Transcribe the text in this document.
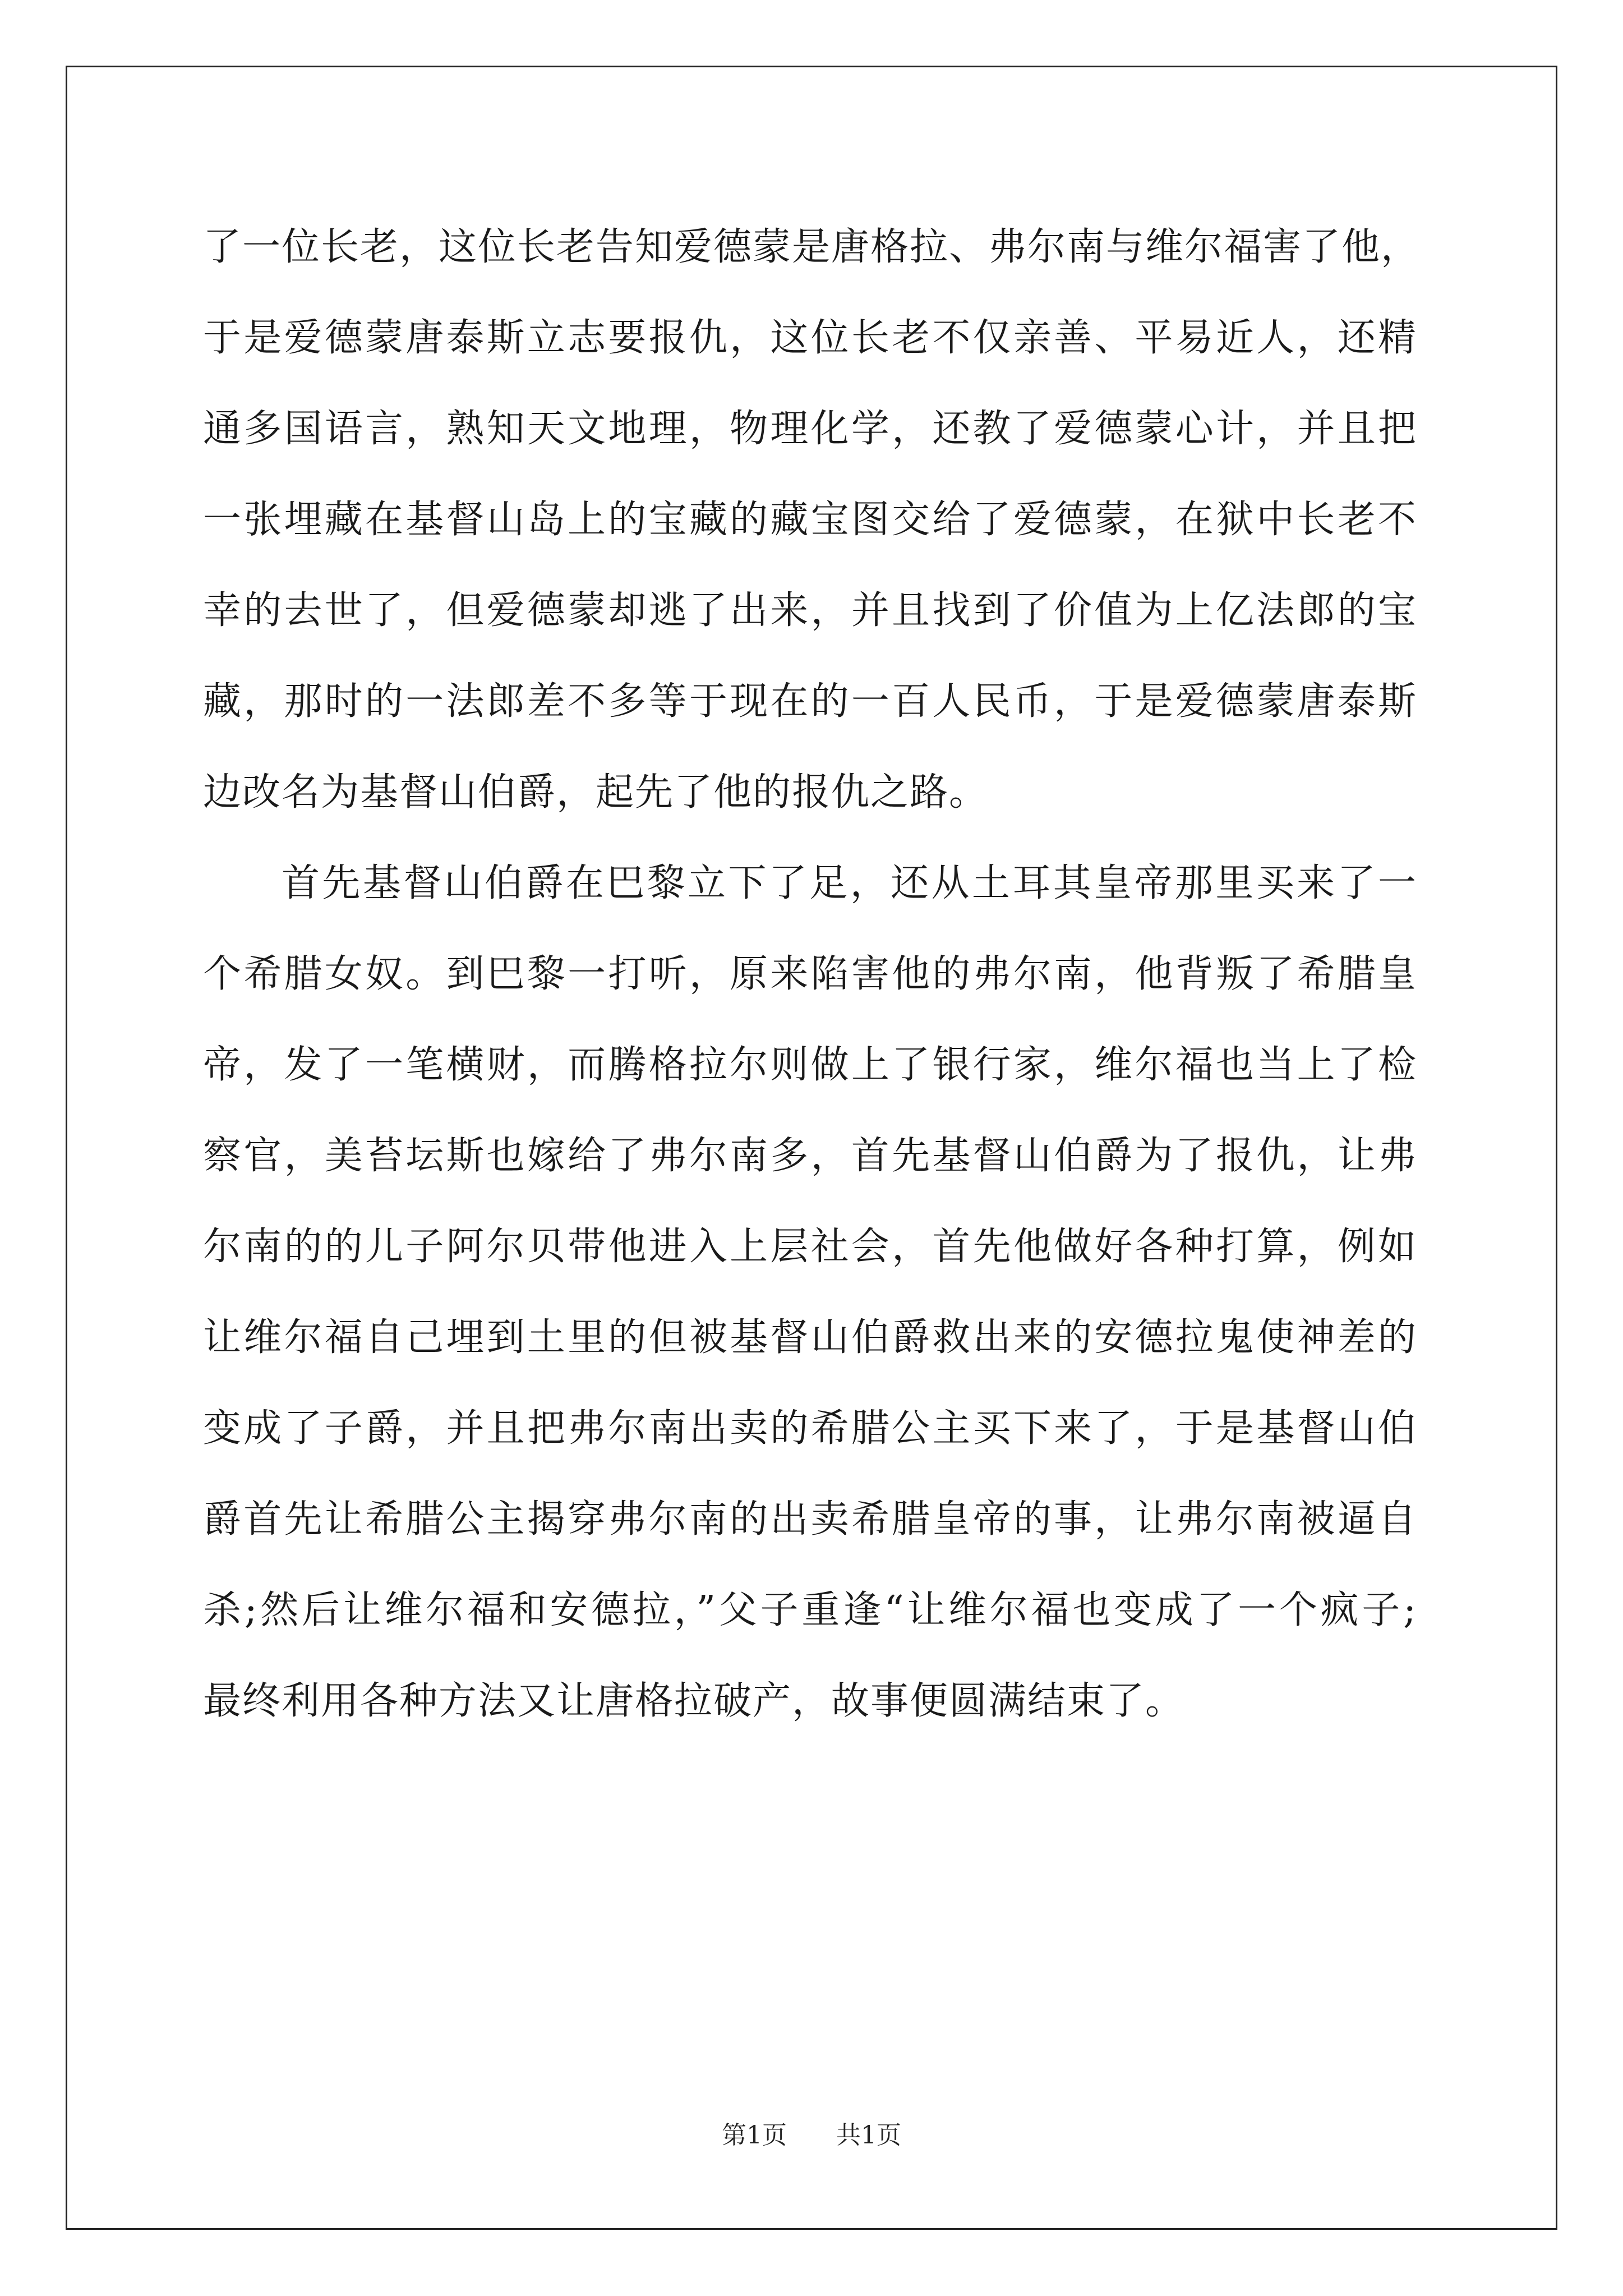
了一位长老，这位长老告知爱德蒙是唐格拉、弗尔南与维尔福害了他，
于是爱德蒙唐泰斯立志要报仇，这位长老不仅亲善、平易近人，还精
通多国语言，熟知天文地理，物理化学，还教了爱德蒙心计，并且把
一张埋藏在基督山岛上的宝藏的藏宝图交给了爱德蒙，在狱中长老不
幸的去世了，但爱德蒙却逃了出来，并且找到了价值为上亿法郎的宝
藏，那时的一法郎差不多等于现在的一百人民币，于是爱德蒙唐泰斯
边改名为基督山伯爵，起先了他的报仇之路。

首先基督山伯爵在巴黎立下了足，还从土耳其皇帝那里买来了一
个希腊女奴。到巴黎一打听，原来陷害他的弗尔南，他背叛了希腊皇
帝，发了一笔横财，而腾格拉尔则做上了银行家，维尔福也当上了检
察官，美苔坛斯也嫁给了弗尔南多，首先基督山伯爵为了报仇，让弗
尔南的的儿子阿尔贝带他进入上层社会，首先他做好各种打算，例如
让维尔福自己埋到土里的但被基督山伯爵救出来的安德拉鬼使神差的
变成了子爵，并且把弗尔南出卖的希腊公主买下来了，于是基督山伯
爵首先让希腊公主揭穿弗尔南的出卖希腊皇帝的事，让弗尔南被逼自
杀;然后让维尔福和安德拉，”父子重逢“让维尔福也变成了一个疯子;
最终利用各种方法又让唐格拉破产，故事便圆满结束了。

第1页 共1页
